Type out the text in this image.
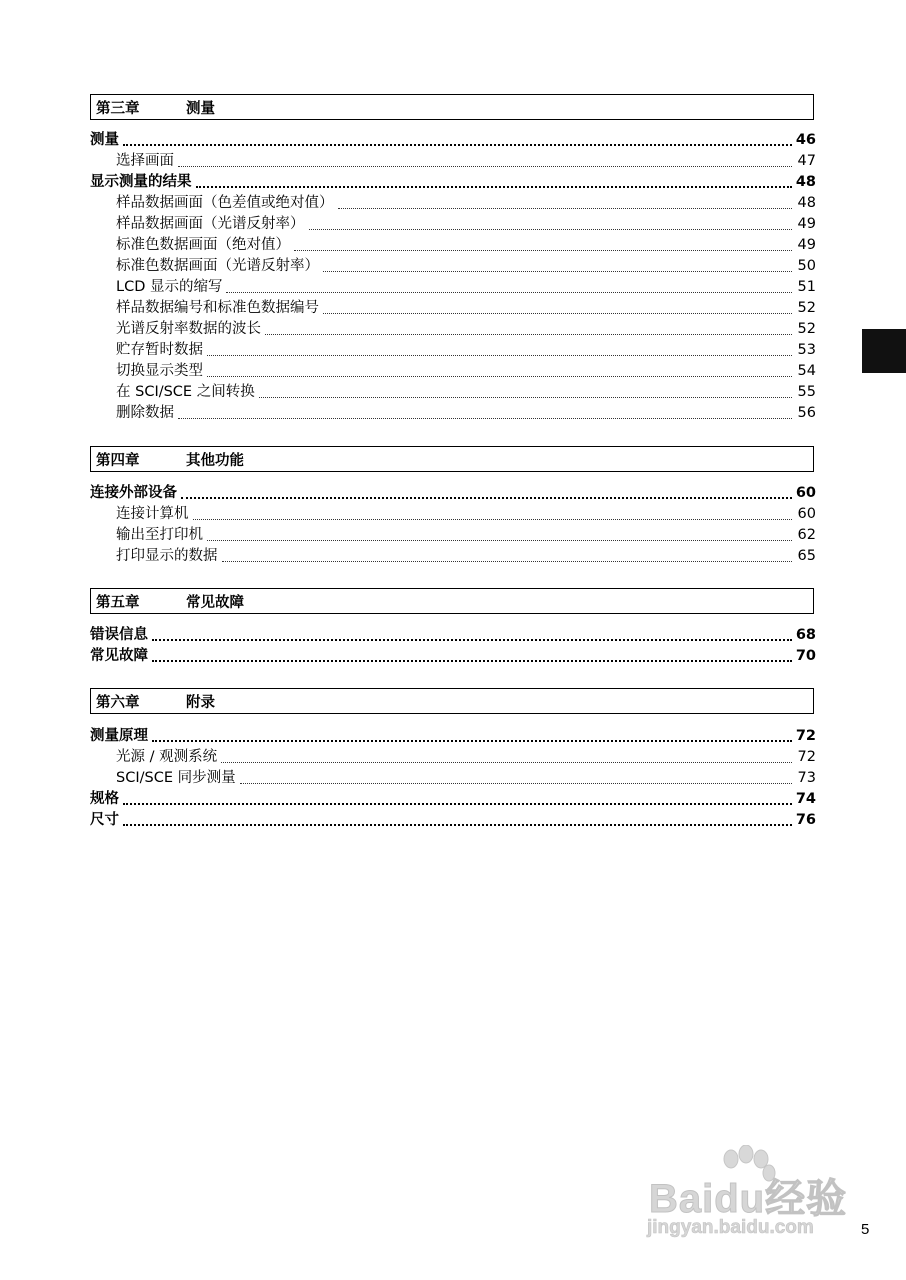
第三章	测量
测量	46
选择画面	47
显示测量的结果	48
样品数据画面（色差值或绝对值）	48
样品数据画面（光谱反射率）	49
标准色数据画面（绝对值）	49
标准色数据画面（光谱反射率）	50
LCD 显示的缩写	51
样品数据编号和标准色数据编号	52
光谱反射率数据的波长	52
贮存暂时数据	53
切换显示类型	54
在 SCI/SCE 之间转换	55
删除数据	56
第四章	其他功能
连接外部设备	60
连接计算机	60
输出至打印机	62
打印显示的数据	65
第五章	常见故障
错误信息	68
常见故障	70
第六章	附录
测量原理	72
光源 / 观测系统	72
SCI/SCE 同步测量	73
规格	74
尺寸	76
5
Baidu经验
jingyan.baidu.com
